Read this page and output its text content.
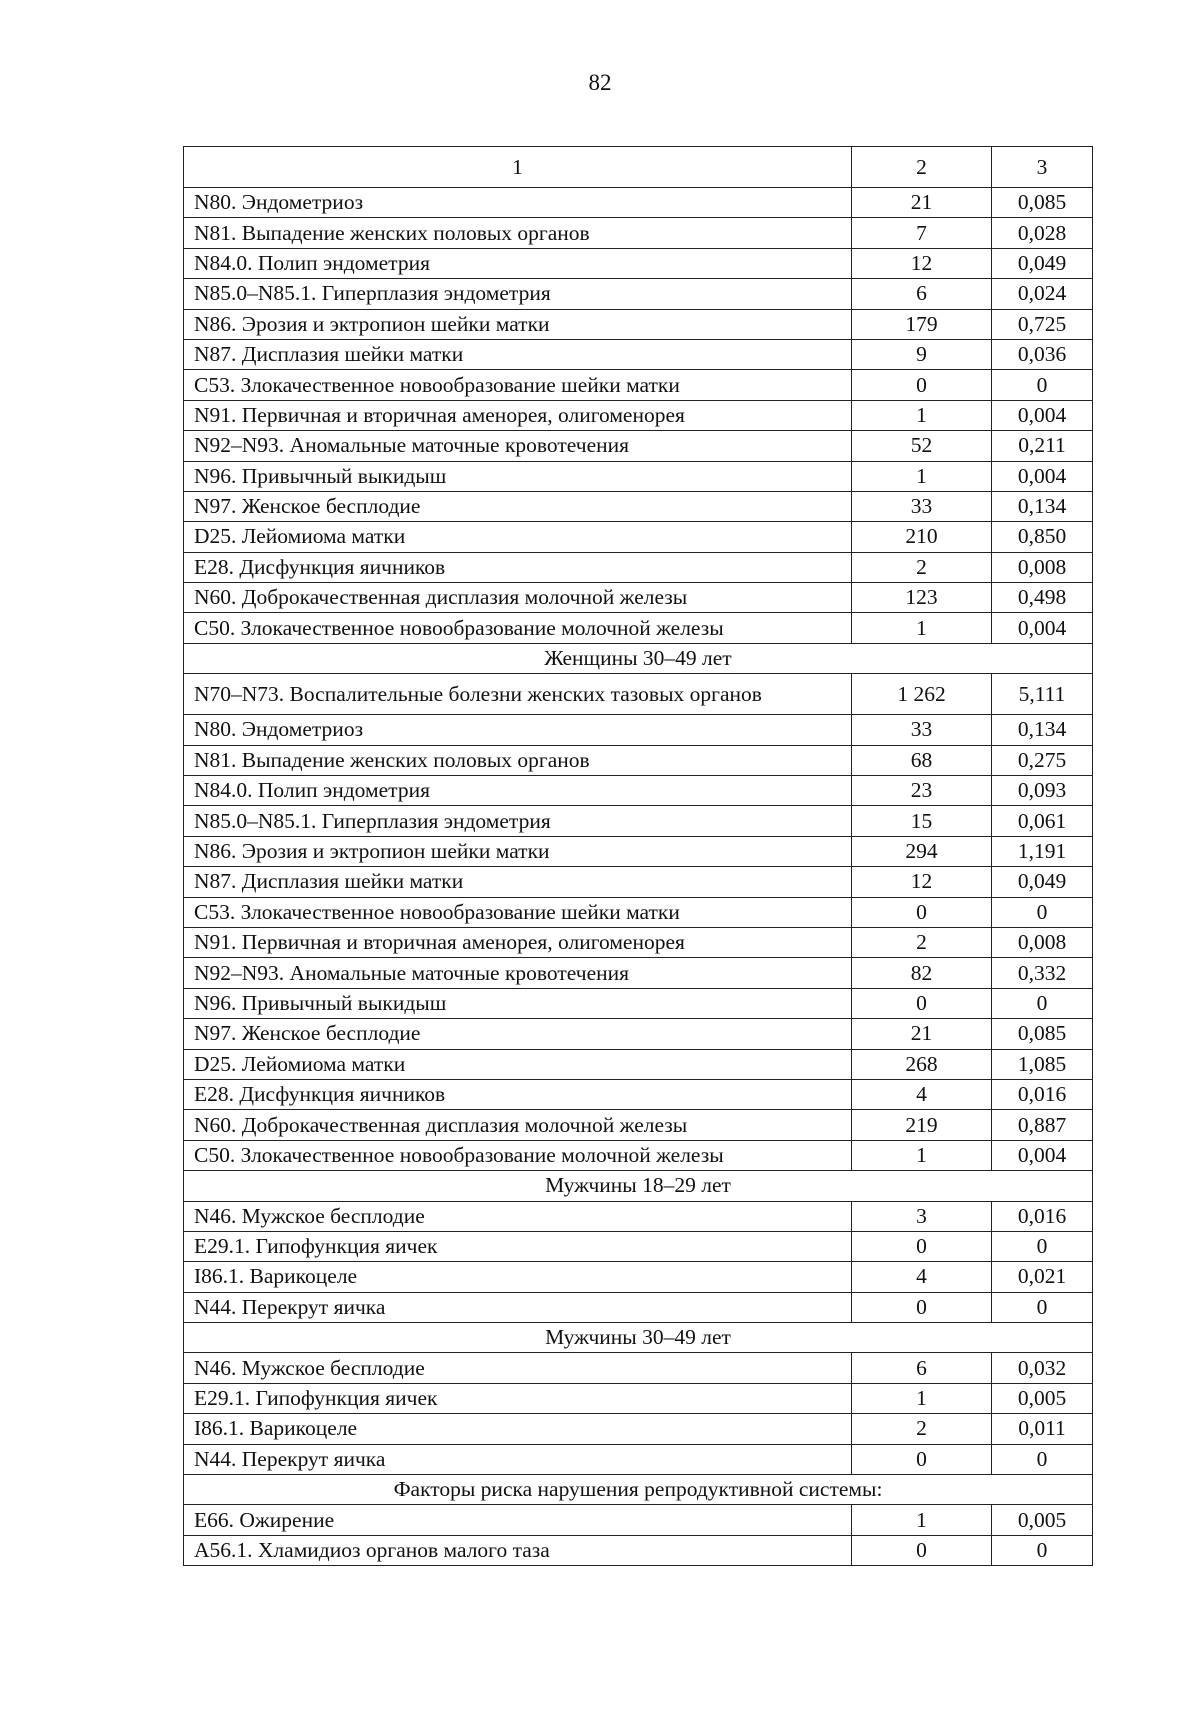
82
1	2	3
N80. Эндометриоз	21	0,085
N81. Выпадение женских половых органов	7	0,028
N84.0. Полип эндометрия	12	0,049
N85.0–N85.1. Гиперплазия эндометрия	6	0,024
N86. Эрозия и эктропион шейки матки	179	0,725
N87. Дисплазия шейки матки	9	0,036
C53. Злокачественное новообразование шейки матки	0	0
N91. Первичная и вторичная аменорея, олигоменорея	1	0,004
N92–N93. Аномальные маточные кровотечения	52	0,211
N96. Привычный выкидыш	1	0,004
N97. Женское бесплодие	33	0,134
D25. Лейомиома матки	210	0,850
E28. Дисфункция яичников	2	0,008
N60. Доброкачественная дисплазия молочной железы	123	0,498
C50. Злокачественное новообразование молочной железы	1	0,004
Женщины 30–49 лет		
N70–N73. Воспалительные болезни женских тазовых органов	1 262	5,111
N80. Эндометриоз	33	0,134
N81. Выпадение женских половых органов	68	0,275
N84.0. Полип эндометрия	23	0,093
N85.0–N85.1. Гиперплазия эндометрия	15	0,061
N86. Эрозия и эктропион шейки матки	294	1,191
N87. Дисплазия шейки матки	12	0,049
C53. Злокачественное новообразование шейки матки	0	0
N91. Первичная и вторичная аменорея, олигоменорея	2	0,008
N92–N93. Аномальные маточные кровотечения	82	0,332
N96. Привычный выкидыш	0	0
N97. Женское бесплодие	21	0,085
D25. Лейомиома матки	268	1,085
E28. Дисфункция яичников	4	0,016
N60. Доброкачественная дисплазия молочной железы	219	0,887
C50. Злокачественное новообразование молочной железы	1	0,004
Мужчины 18–29 лет		
N46. Мужское бесплодие	3	0,016
E29.1. Гипофункция яичек	0	0
I86.1. Варикоцеле	4	0,021
N44. Перекрут яичка	0	0
Мужчины 30–49 лет		
N46. Мужское бесплодие	6	0,032
E29.1. Гипофункция яичек	1	0,005
I86.1. Варикоцеле	2	0,011
N44. Перекрут яичка	0	0
Факторы риска нарушения репродуктивной системы:		
E66. Ожирение	1	0,005
A56.1. Хламидиоз органов малого таза	0	0
